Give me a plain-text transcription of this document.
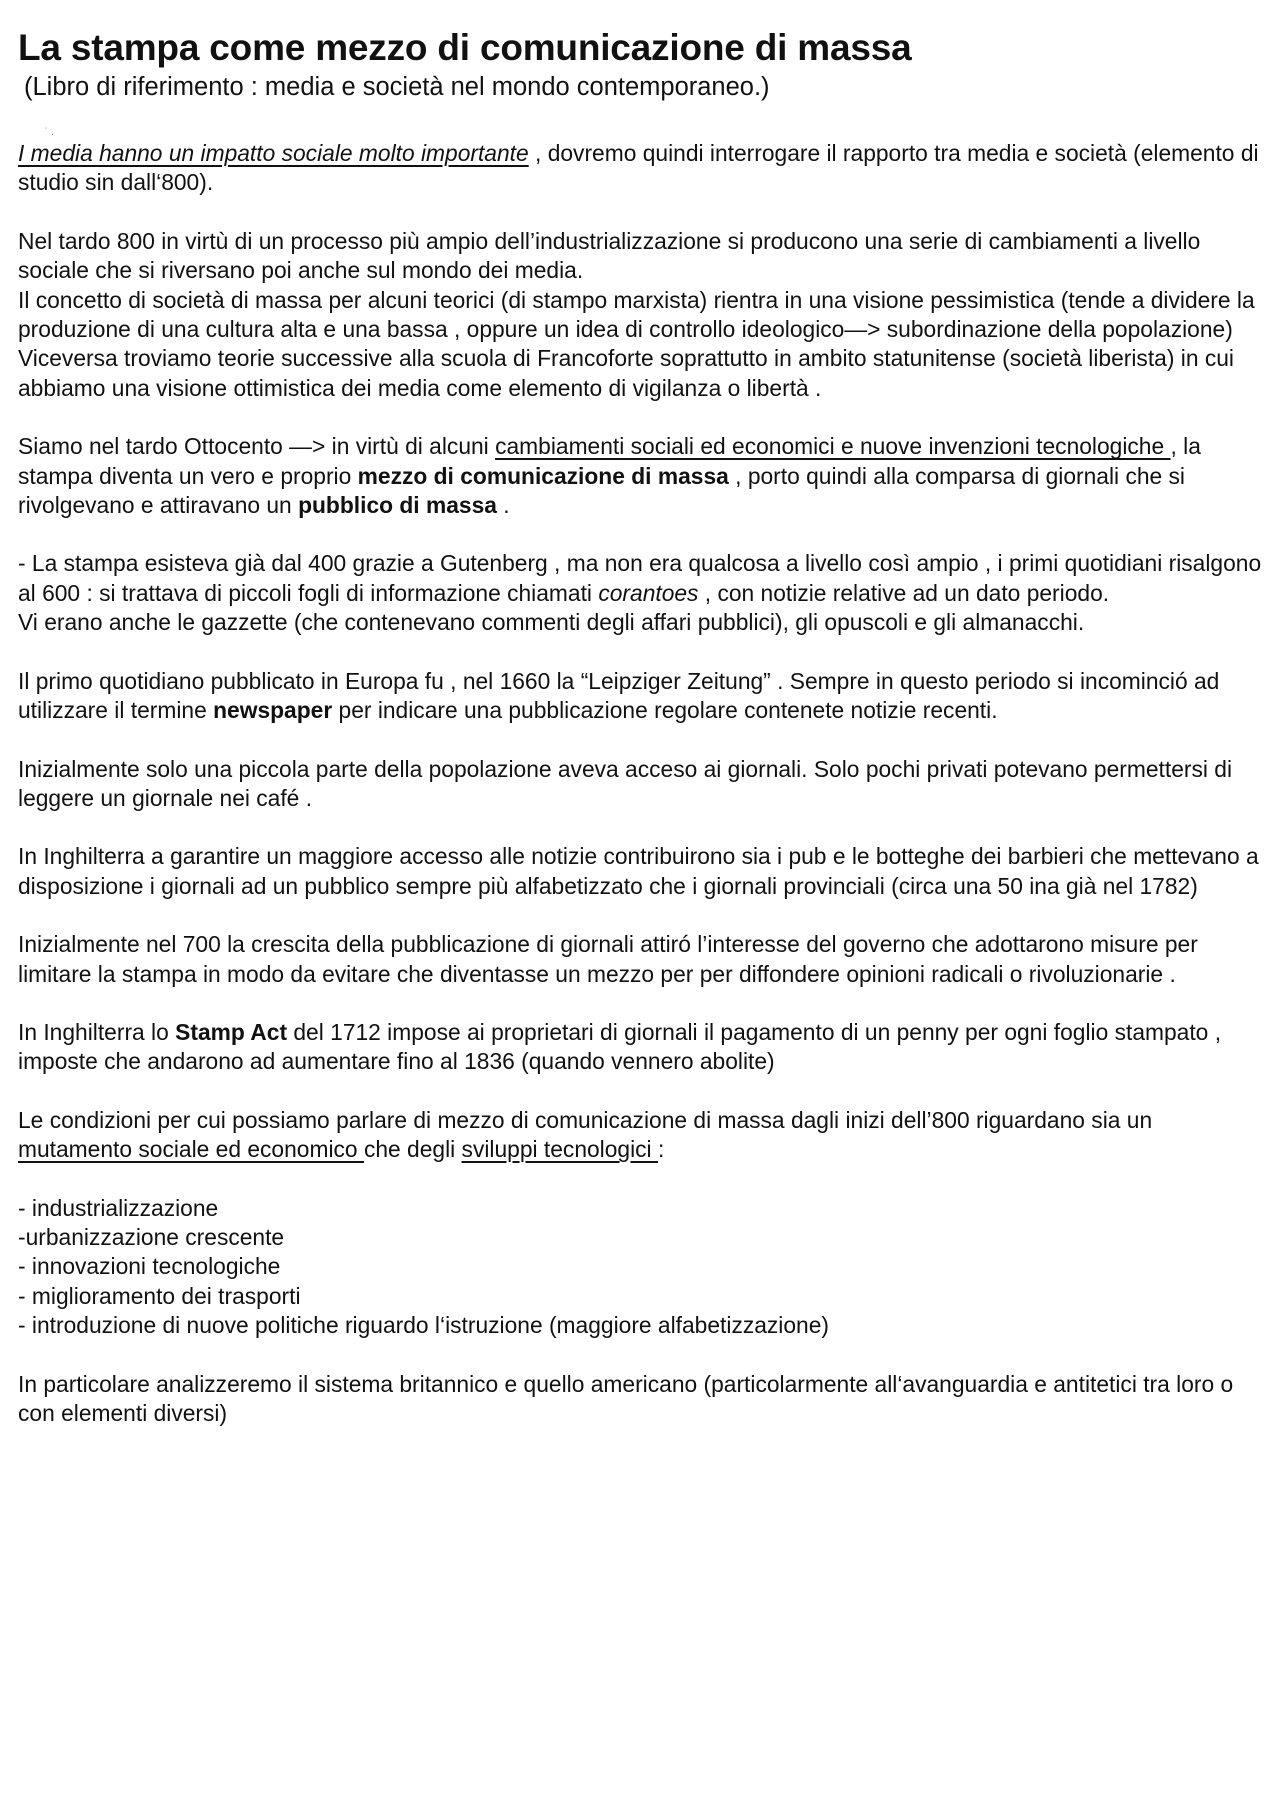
˙ .
La stampa come mezzo di comunicazione di massa

(Libro di riferimento : media e società nel mondo contemporaneo.)

I media hanno un impatto sociale molto importante , dovremo quindi interrogare il rapporto tra media e società (elemento di studio sin dall‘800).

Nel tardo 800 in virtù di un processo più ampio dell’industrializzazione si producono una serie di cambiamenti a livello sociale che si riversano poi anche sul mondo dei media.

Il concetto di società di massa per alcuni teorici (di stampo marxista) rientra in una visione pessimistica (tende a dividere la produzione di una cultura alta e una bassa , oppure un idea di controllo ideologico—> subordinazione della popolazione)

Viceversa troviamo teorie successive alla scuola di Francoforte soprattutto in ambito statunitense (società liberista) in cui abbiamo una visione ottimistica dei media come elemento di vigilanza o libertà .

Siamo nel tardo Ottocento —> in virtù di alcuni cambiamenti sociali ed economici e nuove invenzioni tecnologiche , la stampa diventa un vero e proprio mezzo di comunicazione di massa , porto quindi alla comparsa di giornali che si rivolgevano e attiravano un pubblico di massa .

- La stampa esisteva già dal 400 grazie a Gutenberg , ma non era qualcosa a livello così ampio , i primi quotidiani risalgono al 600 : si trattava di piccoli fogli di informazione chiamati corantoes , con notizie relative ad un dato periodo.

Vi erano anche le gazzette (che contenevano commenti degli affari pubblici), gli opuscoli e gli almanacchi.

Il primo quotidiano pubblicato in Europa fu , nel 1660 la “Leipziger Zeitung” . Sempre in questo periodo si incominció ad utilizzare il termine newspaper per indicare una pubblicazione regolare contenete notizie recenti.

Inizialmente solo una piccola parte della popolazione aveva acceso ai giornali. Solo pochi privati potevano permettersi di leggere un giornale nei café .

In Inghilterra a garantire un maggiore accesso alle notizie contribuirono sia i pub e le botteghe dei barbieri che mettevano a disposizione i giornali ad un pubblico sempre più alfabetizzato che i giornali provinciali (circa una 50 ina già nel 1782)

Inizialmente nel 700 la crescita della pubblicazione di giornali attiró l’interesse del governo che adottarono misure per limitare la stampa in modo da evitare che diventasse un mezzo per per diffondere opinioni radicali o rivoluzionarie .

In Inghilterra lo Stamp Act del 1712 impose ai proprietari di giornali il pagamento di un penny per ogni foglio stampato , imposte che andarono ad aumentare fino al 1836 (quando vennero abolite)

Le condizioni per cui possiamo parlare di mezzo di comunicazione di massa dagli inizi dell’800 riguardano sia un mutamento sociale ed economico che degli sviluppi tecnologici :

- industrializzazione

-urbanizzazione crescente

- innovazioni tecnologiche

- miglioramento dei trasporti

- introduzione di nuove politiche riguardo l‘istruzione (maggiore alfabetizzazione)

In particolare analizzeremo il sistema britannico e quello americano (particolarmente all‘avanguardia e antitetici tra loro o con elementi diversi)
